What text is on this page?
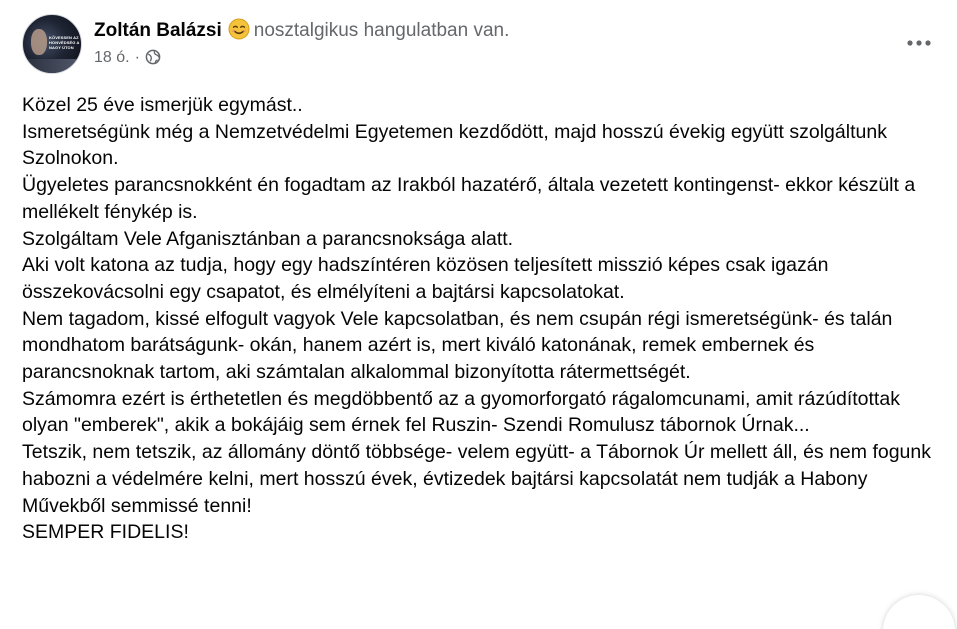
KÖVESSEN AZ HONVÉDSÉG A NAGY ÚTON
Zoltán Balázsi nosztalgikus hangulatban van.
18 ó. ·

Közel 25 éve ismerjük egymást..

Ismeretségünk még a Nemzetvédelmi Egyetemen kezdődött, majd hosszú évekig együtt szolgáltunk Szolnokon.

Ügyeletes parancsnokként én fogadtam az Irakból hazatérő, általa vezetett kontingenst- ekkor készült a mellékelt fénykép is.

Szolgáltam Vele Afganisztánban a parancsnoksága alatt.

Aki volt katona az tudja, hogy egy hadszíntéren közösen teljesített misszió képes csak igazán összekovácsolni egy csapatot, és elmélyíteni a bajtársi kapcsolatokat.

Nem tagadom, kissé elfogult vagyok Vele kapcsolatban, és nem csupán régi ismeretségünk- és talán mondhatom barátságunk- okán, hanem azért is, mert kiváló katonának, remek embernek és parancsnoknak tartom, aki számtalan alkalommal bizonyította rátermettségét.

Számomra ezért is érthetetlen és megdöbbentő az a gyomorforgató rágalomcunami, amit rázúdítottak olyan "emberek", akik a bokájáig sem érnek fel Ruszin- Szendi Romulusz tábornok Úrnak...

Tetszik, nem tetszik, az állomány döntő többsége- velem együtt- a Tábornok Úr mellett áll, és nem fogunk habozni a védelmére kelni, mert hosszú évek, évtizedek bajtársi kapcsolatát nem tudják a Habony Művekből semmissé tenni!

SEMPER FIDELIS!
